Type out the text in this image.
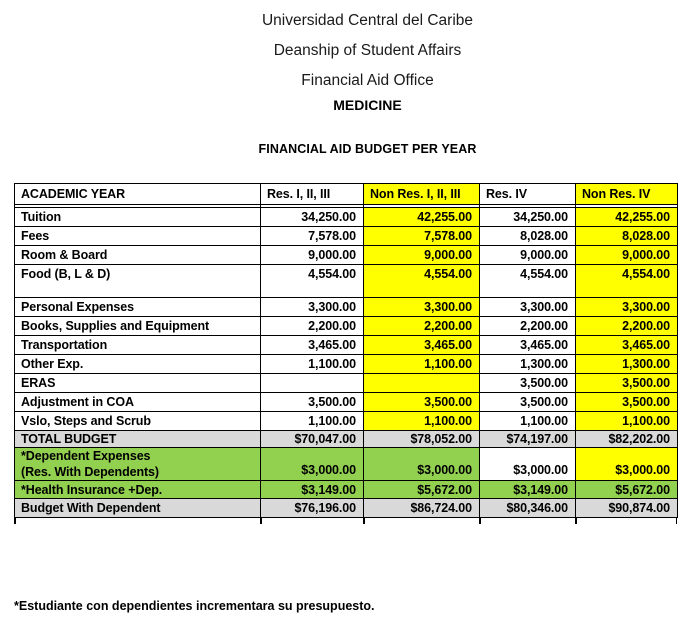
Universidad Central del Caribe
Deanship of Student Affairs
Financial Aid Office
MEDICINE
FINANCIAL AID BUDGET PER YEAR
ACADEMIC YEAR	Res. I, II, III	Non Res. I, II, III	Res. IV	Non Res. IV

Tuition	34,250.00	42,255.00	34,250.00	42,255.00
Fees	7,578.00	7,578.00	8,028.00	8,028.00
Room & Board	9,000.00	9,000.00	9,000.00	9,000.00
Food (B, L & D)	4,554.00	4,554.00	4,554.00	4,554.00
Personal Expenses	3,300.00	3,300.00	3,300.00	3,300.00
Books, Supplies and Equipment	2,200.00	2,200.00	2,200.00	2,200.00
Transportation	3,465.00	3,465.00	3,465.00	3,465.00
Other Exp.	1,100.00	1,100.00	1,300.00	1,300.00
ERAS			3,500.00	3,500.00
Adjustment in COA	3,500.00	3,500.00	3,500.00	3,500.00
Vslo, Steps and Scrub	1,100.00	1,100.00	1,100.00	1,100.00
TOTAL BUDGET	$70,047.00	$78,052.00	$74,197.00	$82,202.00

*Dependent Expenses
(Res. With Dependents)	$3,000.00	$3,000.00	$3,000.00	$3,000.00
*Health Insurance +Dep.	$3,149.00	$5,672.00	$3,149.00	$5,672.00
Budget With Dependent	$76,196.00	$86,724.00	$80,346.00	$90,874.00
*Estudiante con dependientes incrementara su presupuesto.
